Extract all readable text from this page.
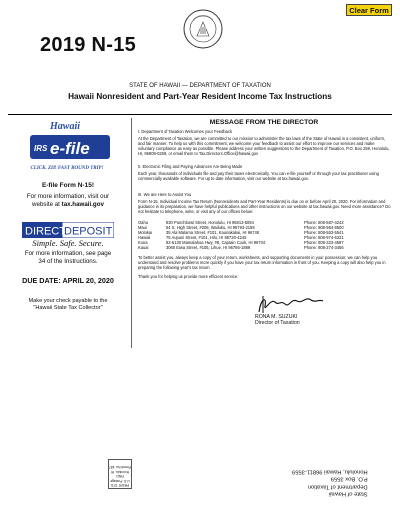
Clear Form
2019 N-15
STATE OF HAWAII — DEPARTMENT OF TAXATION
Hawaii Nonresident and Part-Year Resident Income Tax Instructions
Hawaii
IRS e-file
CLICK. ZIP. FAST ROUND TRIP!
E-file Form N-15!
For more information, visit our
website at tax.hawaii.gov
DIRECT
DEPOSIT
Simple. Safe. Secure.
For more information, see page
34 of the Instructions.
DUE DATE: APRIL 20, 2020
Make your check payable to the
"Hawaii State Tax Collector"
MESSAGE FROM THE DIRECTOR
I. Department of Taxation Welcomes your Feedback
At the Department of Taxation, we are committed to our mission to administer the tax laws of the State of Hawaii in a consistent, uniform, and fair manner. To help us with this commitment, we welcome your feedback to assist our effort to improve our services and make voluntary compliance as easy as possible. Please address your written suggestions to the Department of Taxation, P.O. Box 259, Honolulu, HI, 96809-0259, or email them to Tax.Directors.Office@hawaii.gov
II. Electronic Filing and Paying Advances Are Being Made
Each year, thousands of individuals file and pay their taxes electronically. You can e-file yourself or through your tax practitioner using commercially available software. For up to date information, visit our website at tax.hawaii.gov.
III. We are Here to Assist You
Form N-15, Individual Income Tax Return (Nonresidents and Part-Year Residents) is due on or before April 20, 2020. For information and guidance in its preparation, we have helpful publications and other instructions on our website at tax.hawaii.gov. Need more assistance? Do not hesitate to telephone, write, or visit any of our offices below:
Oahu	830 Punchbowl Street, Honolulu, HI 96813-5094	Phone: 808-587-4242
Maui	54 S. High Street, #208, Wailuku, HI 96793-2198	Phone: 808-984-8500
Molokai	35 Ala Malama Street, #101, Kaunakakai, HI 96748	Phone: 808-553-5541
Hawaii	75 Aupuni Street, #101, Hilo, HI 96720-4245	Phone: 808-974-6321
Kona	82-6130 Mamalahoa Hwy, #8, Captain Cook, HI 96704	Phone: 808-323-4597
Kauai	3060 Eiwa Street, #105, Lihue, HI 96766-1889	Phone: 808-274-3456
To better assist you, always keep a copy of your return, worksheets, and supporting documents in your possession; we can help you understand and resolve problems more quickly if you have your tax return information in front of you. Keeping a copy will also help you in preparing the following year's tax return.
Thank you for helping us provide more efficient service.
RONA M. SUZUKI
Director of Taxation
State of Hawaii
Department of Taxation
P.O. Box 3559
Honolulu, Hawaii 96811-3559
PRSRT STD
U.S. Postage
PAID
Honolulu, HI
Permit No. 487
